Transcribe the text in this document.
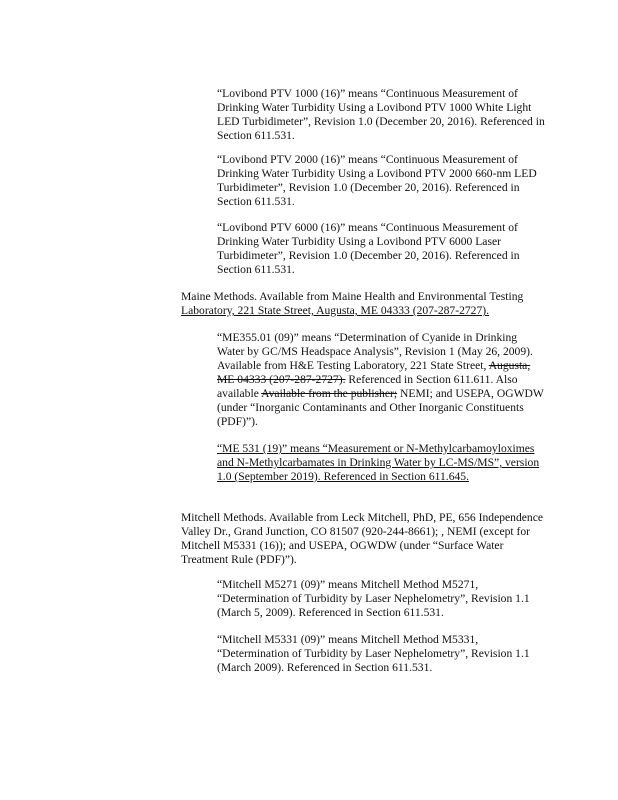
“Lovibond PTV 1000 (16)” means “Continuous Measurement of Drinking Water Turbidity Using a Lovibond PTV 1000 White Light LED Turbidimeter”, Revision 1.0 (December 20, 2016). Referenced in Section 611.531.

“Lovibond PTV 2000 (16)” means “Continuous Measurement of Drinking Water Turbidity Using a Lovibond PTV 2000 660-nm LED Turbidimeter”, Revision 1.0 (December 20, 2016). Referenced in Section 611.531.

“Lovibond PTV 6000 (16)” means “Continuous Measurement of Drinking Water Turbidity Using a Lovibond PTV 6000 Laser Turbidimeter”, Revision 1.0 (December 20, 2016). Referenced in Section 611.531.

Maine Methods. Available from Maine Health and Environmental Testing Laboratory, 221 State Street, Augusta, ME 04333 (207-287-2727).

“ME355.01 (09)” means “Determination of Cyanide in Drinking Water by GC/MS Headspace Analysis”, Revision 1 (May 26, 2009). Available from H&E Testing Laboratory, 221 State Street, Augusta, ME 04333 (207-287-2727). Referenced in Section 611.611. Also available Available from the publisher; NEMI; and USEPA, OGWDW (under “Inorganic Contaminants and Other Inorganic Constituents (PDF)”).

“ME 531 (19)” means “Measurement or N-Methylcarbamoyloximes and N-Methylcarbamates in Drinking Water by LC-MS/MS”, version 1.0 (September 2019). Referenced in Section 611.645.

Mitchell Methods. Available from Leck Mitchell, PhD, PE, 656 Independence Valley Dr., Grand Junction, CO 81507 (920-244-8661); , NEMI (except for Mitchell M5331 (16)); and USEPA, OGWDW (under “Surface Water Treatment Rule (PDF)”).

“Mitchell M5271 (09)” means Mitchell Method M5271, “Determination of Turbidity by Laser Nephelometry”, Revision 1.1 (March 5, 2009). Referenced in Section 611.531.

“Mitchell M5331 (09)” means Mitchell Method M5331, “Determination of Turbidity by Laser Nephelometry”, Revision 1.1 (March 2009). Referenced in Section 611.531.
